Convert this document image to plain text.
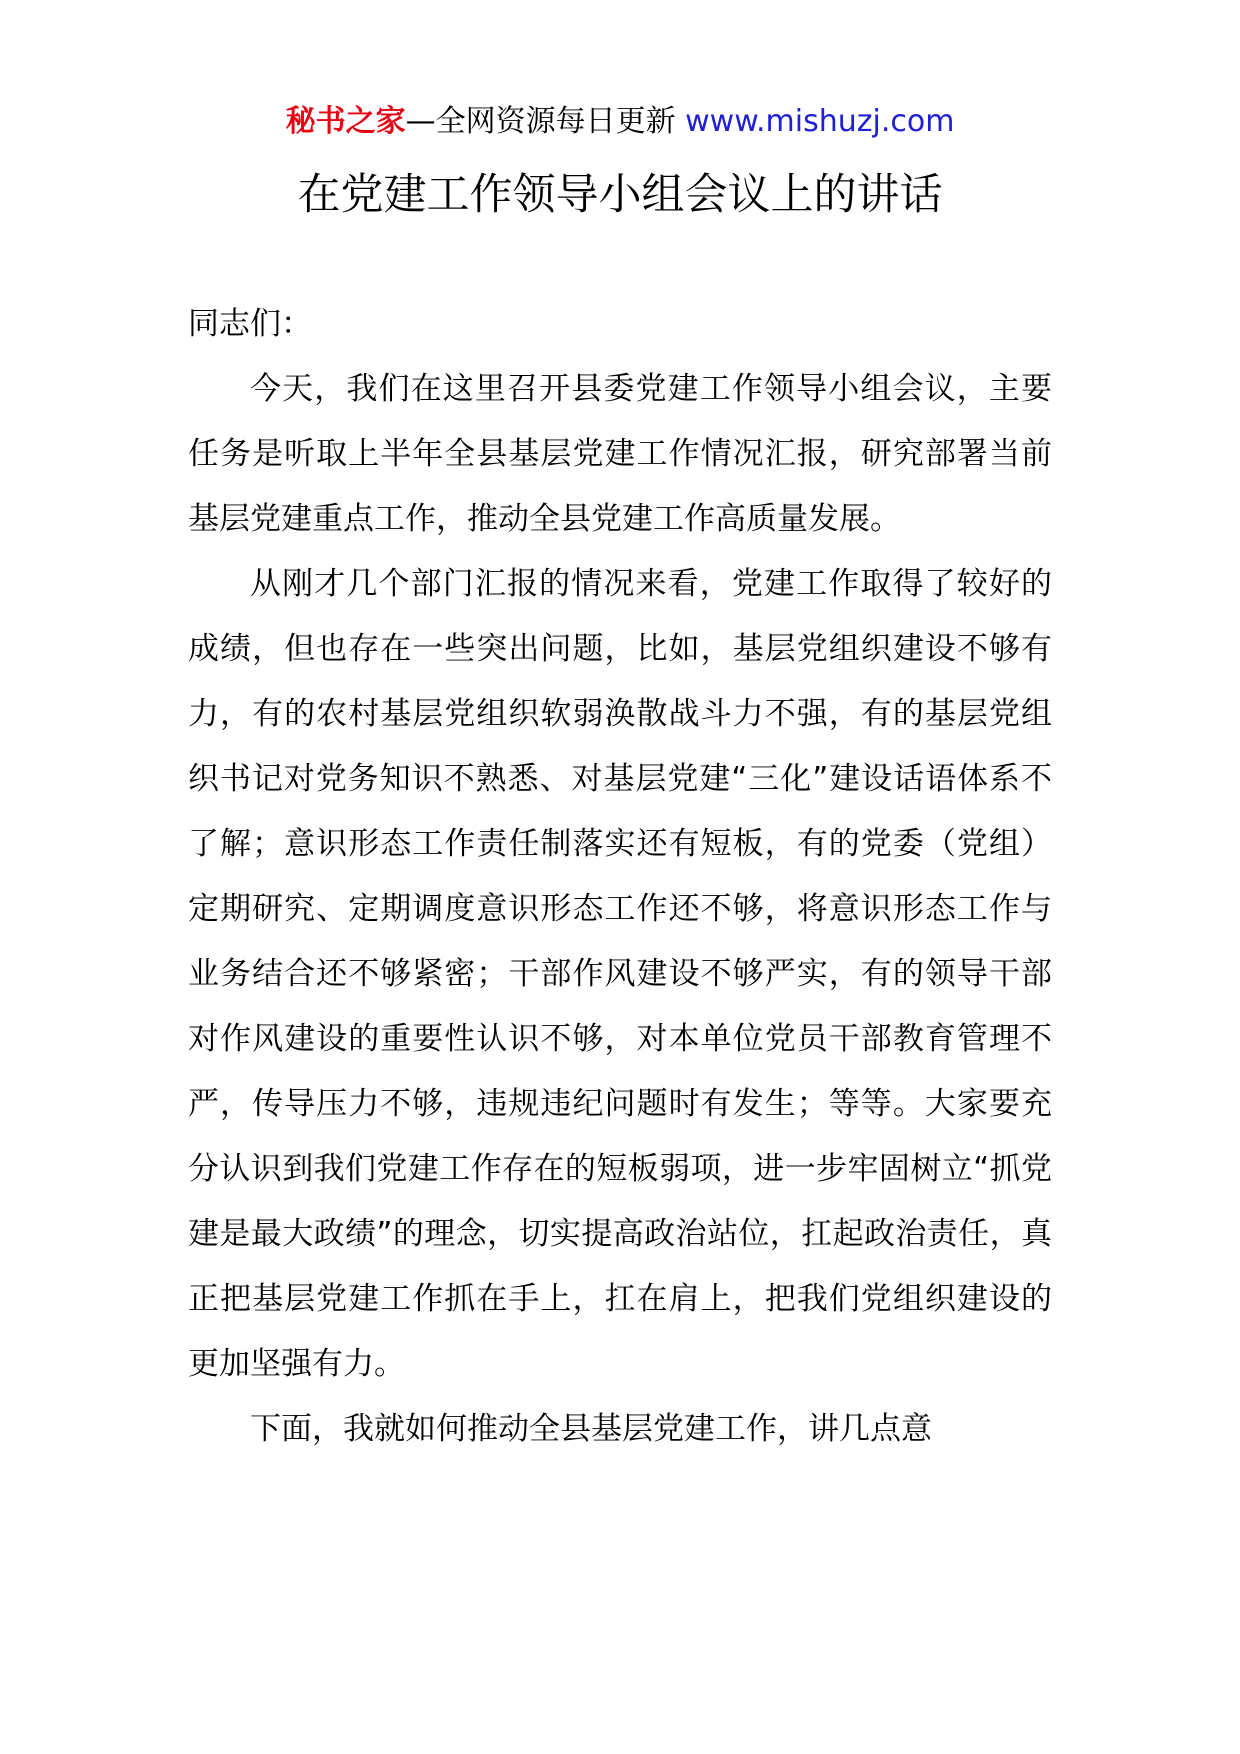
秘书之家—全网资源每日更新 www.mishuzj.com
在党建工作领导小组会议上的讲话

同志们：

今天，我们在这里召开县委党建工作领导小组会议，主要任务是听取上半年全县基层党建工作情况汇报，研究部署当前基层党建重点工作，推动全县党建工作高质量发展。

从刚才几个部门汇报的情况来看，党建工作取得了较好的成绩，但也存在一些突出问题，比如，基层党组织建设不够有力，有的农村基层党组织软弱涣散战斗力不强，有的基层党组织书记对党务知识不熟悉、对基层党建“三化”建设话语体系不了解；意识形态工作责任制落实还有短板，有的党委（党组）定期研究、定期调度意识形态工作还不够，将意识形态工作与业务结合还不够紧密；干部作风建设不够严实，有的领导干部对作风建设的重要性认识不够，对本单位党员干部教育管理不严，传导压力不够，违规违纪问题时有发生；等等。大家要充分认识到我们党建工作存在的短板弱项，进一步牢固树立“抓党建是最大政绩”的理念，切实提高政治站位，扛起政治责任，真正把基层党建工作抓在手上，扛在肩上，把我们党组织建设的更加坚强有力。

下面，我就如何推动全县基层党建工作，讲几点意
